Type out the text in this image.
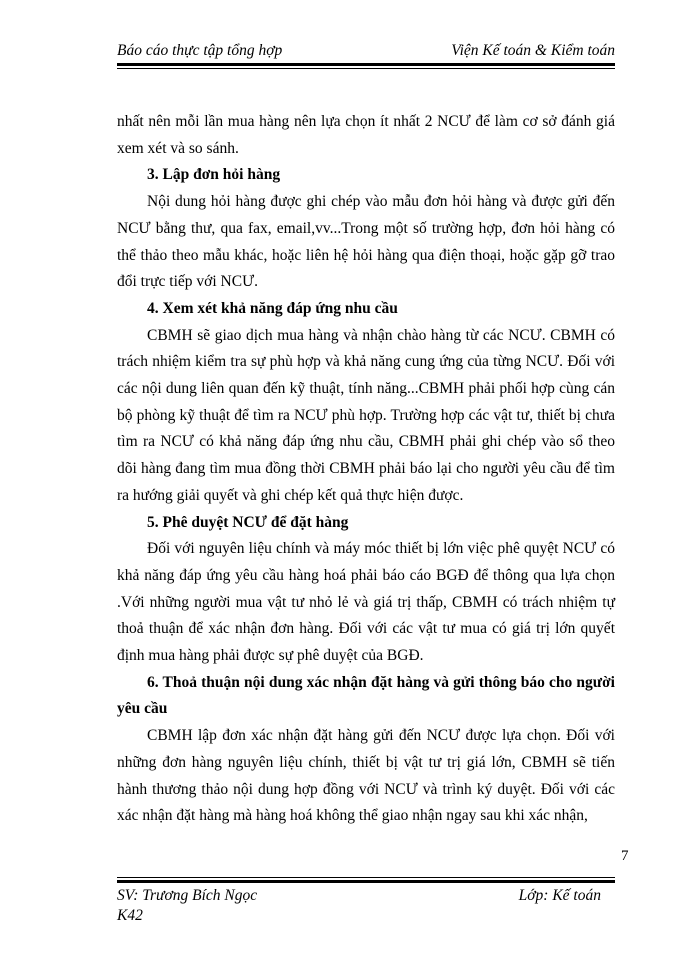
Báo cáo thực tập tổng hợp	Viện Kế toán & Kiểm toán

nhất nên mỗi lần mua hàng nên lựa chọn ít nhất 2 NCƯ để làm cơ sở đánh giá xem xét và so sánh.

3. Lập đơn hỏi hàng

Nội dung hỏi hàng được ghi chép vào mẫu đơn hỏi hàng và được gửi đến NCƯ bằng thư, qua fax, email,vv...Trong một số trường hợp, đơn hỏi hàng có thể thảo theo mẫu khác, hoặc liên hệ hỏi hàng qua điện thoại, hoặc gặp gỡ trao đổi trực tiếp với NCƯ.

4. Xem xét khả năng đáp ứng nhu cầu

CBMH sẽ giao dịch mua hàng và nhận chào hàng từ các NCƯ. CBMH có trách nhiệm kiểm tra sự phù hợp và khả năng cung ứng của từng NCƯ. Đối với các nội dung liên quan đến kỹ thuật, tính năng...CBMH phải phối hợp cùng cán bộ phòng kỹ thuật để tìm ra NCƯ phù hợp. Trường hợp các vật tư, thiết bị chưa tìm ra NCƯ có khả năng đáp ứng nhu cầu, CBMH phải ghi chép vào sổ theo dõi hàng đang tìm mua đồng thời CBMH phải báo lại cho người yêu cầu để tìm ra hướng giải quyết và ghi chép kết quả thực hiện được.

5. Phê duyệt NCƯ để đặt hàng

Đối với nguyên liệu chính và máy móc thiết bị lớn việc phê quyệt NCƯ có khả năng đáp ứng yêu cầu hàng hoá phải báo cáo BGĐ để thông qua lựa chọn .Với những người mua vật tư nhỏ lẻ và giá trị thấp, CBMH có trách nhiệm tự thoả thuận để xác nhận đơn hàng. Đối với các vật tư mua có giá trị lớn quyết định mua hàng phải được sự phê duyệt của BGĐ.

6. Thoả thuận nội dung xác nhận đặt hàng và gửi thông báo cho người yêu cầu

CBMH lập đơn xác nhận đặt hàng gửi đến NCƯ được lựa chọn. Đối với những đơn hàng nguyên liệu chính, thiết bị vật tư trị giá lớn, CBMH sẽ tiến hành thương thảo nội dung hợp đồng với NCƯ và trình ký duyệt. Đối với các xác nhận đặt hàng mà hàng hoá không thể giao nhận ngay sau khi xác nhận,

7
SV: Trương Bích Ngọc	Lớp: Kế toán
K42
